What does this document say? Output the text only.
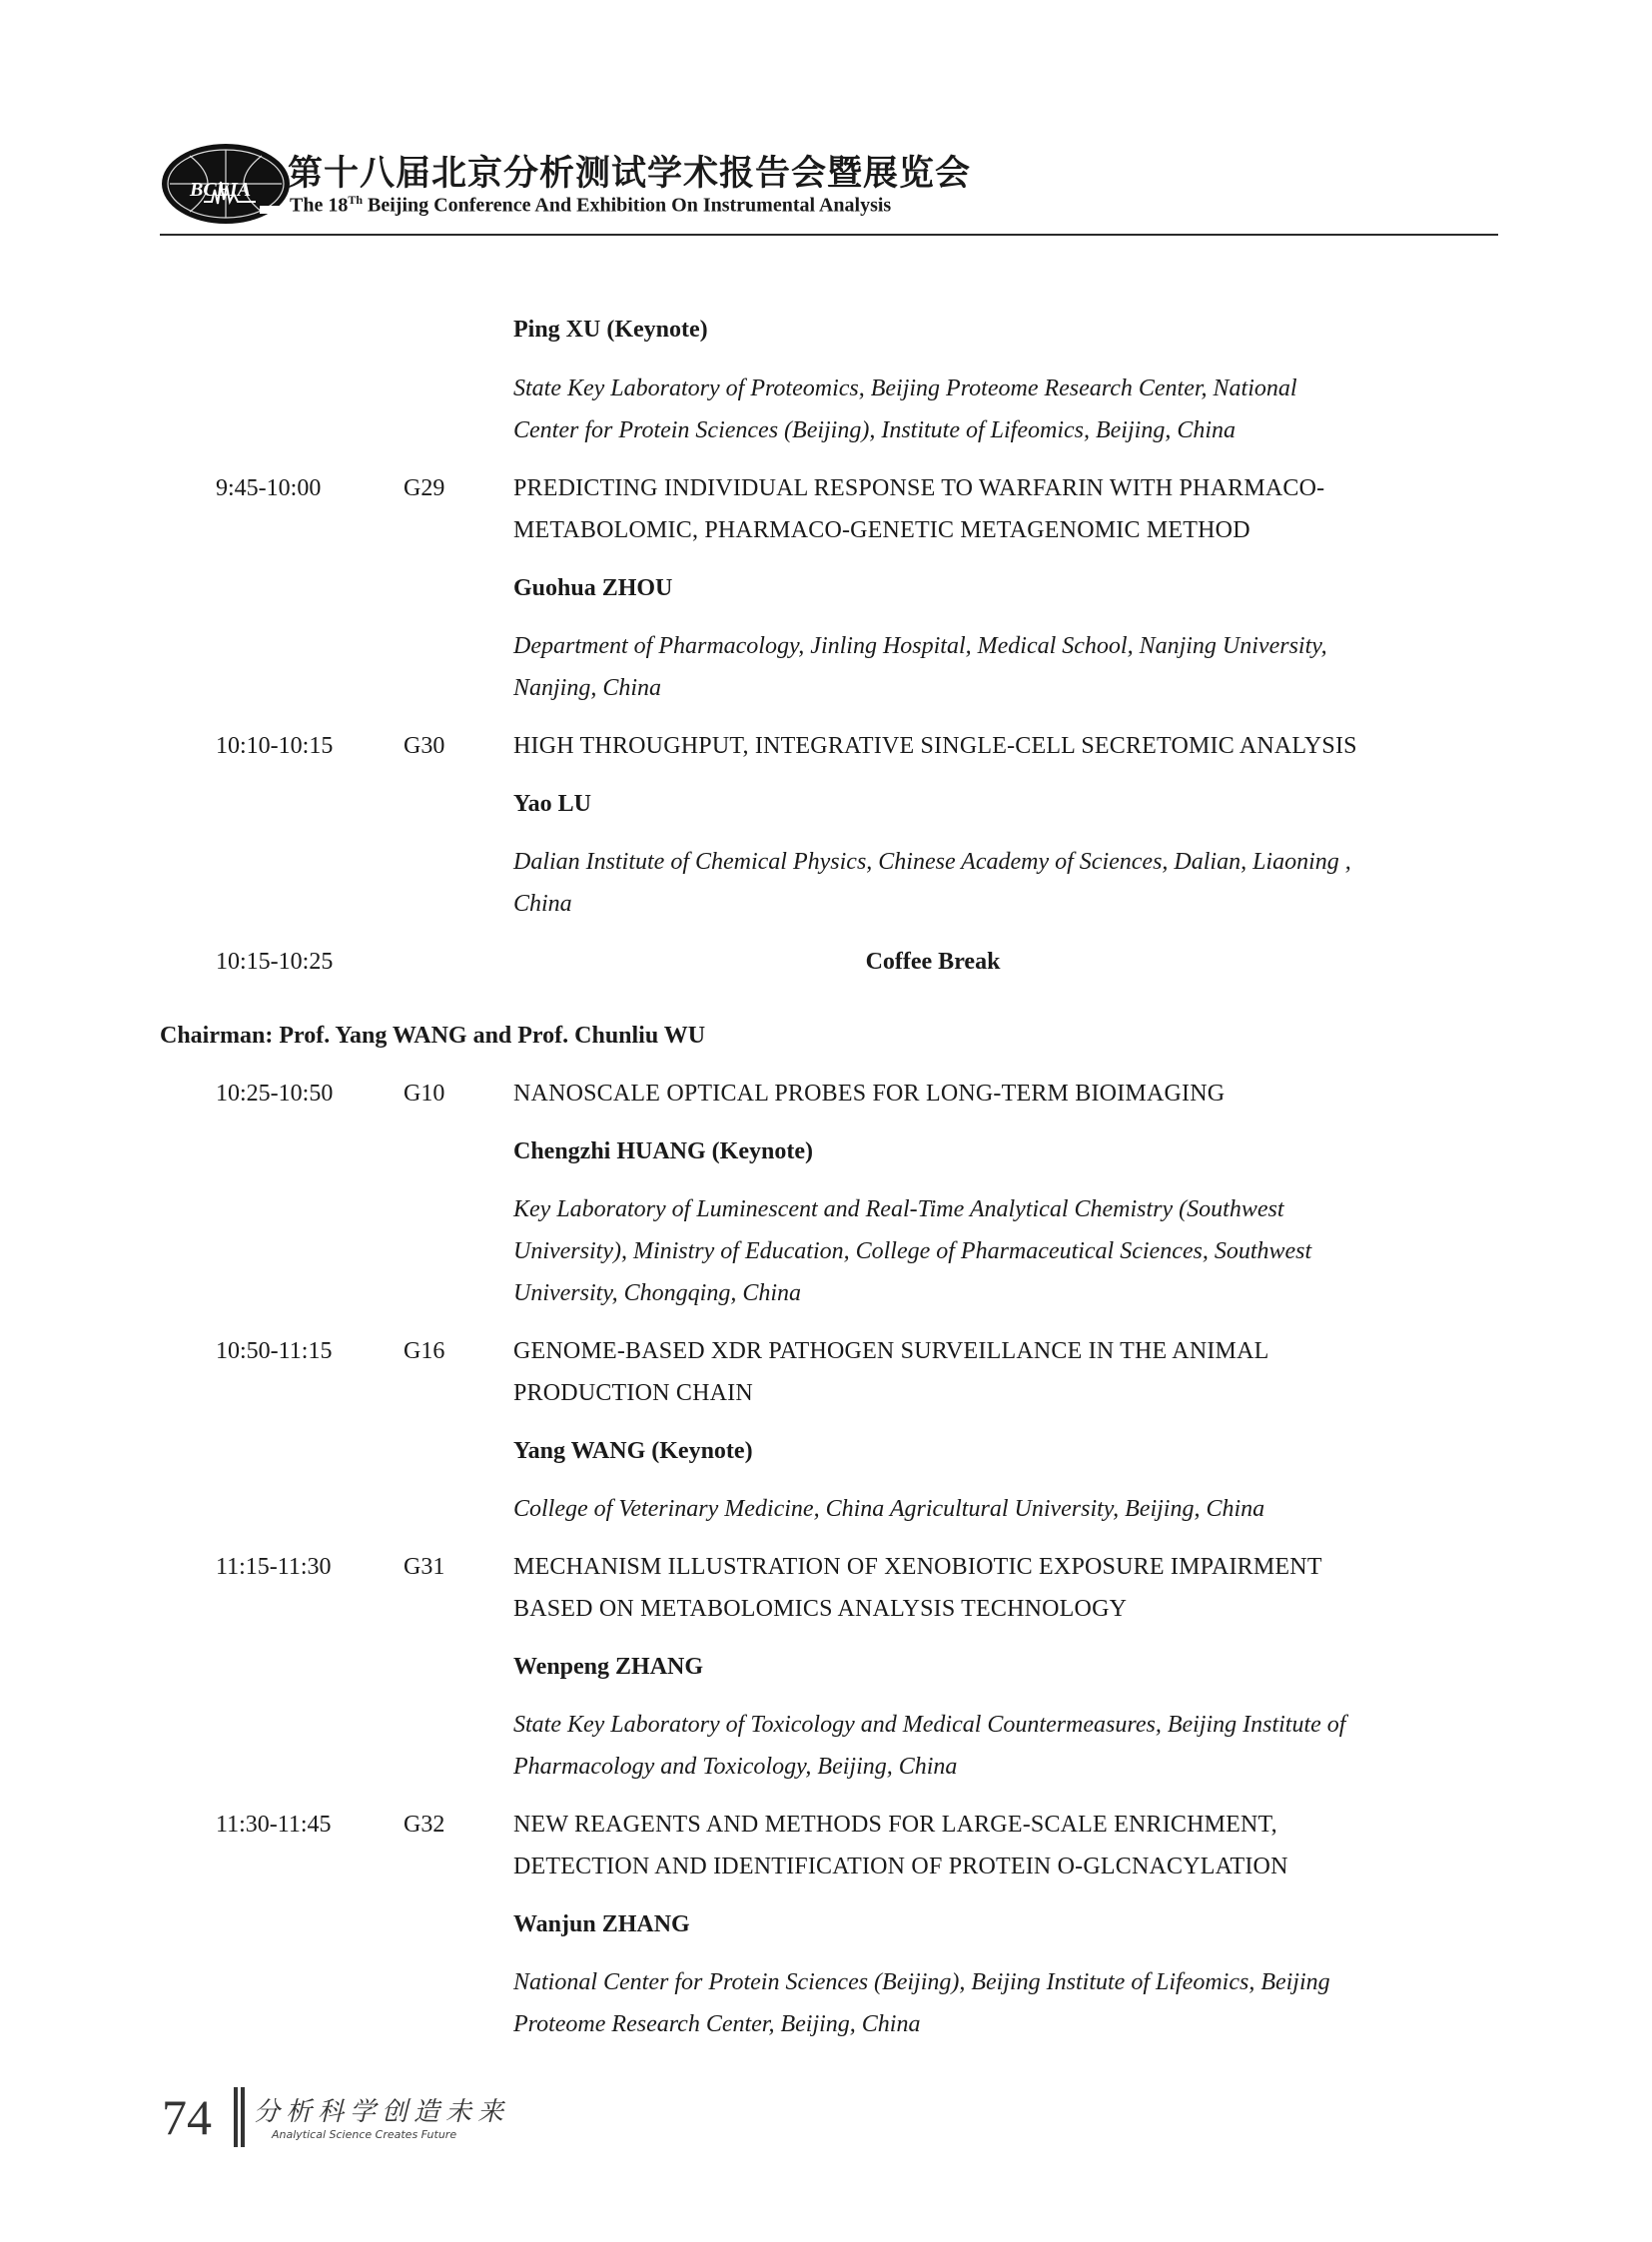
BCEIA 第十八届北京分析测试学术报告会暨展览会
The 18Th Beijing Conference And Exhibition On Instrumental Analysis
Ping XU (Keynote)
State Key Laboratory of Proteomics, Beijing Proteome Research Center, National
Center for Protein Sciences (Beijing), Institute of Lifeomics, Beijing, China
9:45-10:00	G29	PREDICTING INDIVIDUAL RESPONSE TO WARFARIN WITH PHARMACO-
METABOLOMIC, PHARMACO-GENETIC METAGENOMIC METHOD
Guohua ZHOU
Department of Pharmacology, Jinling Hospital, Medical School, Nanjing University,
Nanjing, China
10:10-10:15	G30	HIGH THROUGHPUT, INTEGRATIVE SINGLE-CELL SECRETOMIC ANALYSIS
Yao LU
Dalian Institute of Chemical Physics, Chinese Academy of Sciences, Dalian, Liaoning ,
China
10:15-10:25	Coffee Break
Chairman: Prof. Yang WANG and Prof. Chunliu WU
10:25-10:50	G10	NANOSCALE OPTICAL PROBES FOR LONG-TERM BIOIMAGING
Chengzhi HUANG (Keynote)
Key Laboratory of Luminescent and Real-Time Analytical Chemistry (Southwest
University), Ministry of Education, College of Pharmaceutical Sciences, Southwest
University, Chongqing, China
10:50-11:15	G16	GENOME-BASED XDR PATHOGEN SURVEILLANCE IN THE ANIMAL
PRODUCTION CHAIN
Yang WANG (Keynote)
College of Veterinary Medicine, China Agricultural University, Beijing, China
11:15-11:30	G31	MECHANISM ILLUSTRATION OF XENOBIOTIC EXPOSURE IMPAIRMENT
BASED ON METABOLOMICS ANALYSIS TECHNOLOGY
Wenpeng ZHANG
State Key Laboratory of Toxicology and Medical Countermeasures, Beijing Institute of
Pharmacology and Toxicology, Beijing, China
11:30-11:45	G32	NEW REAGENTS AND METHODS FOR LARGE-SCALE ENRICHMENT,
DETECTION AND IDENTIFICATION OF PROTEIN O-GLCNACYLATION
Wanjun ZHANG
National Center for Protein Sciences (Beijing), Beijing Institute of Lifeomics, Beijing
Proteome Research Center, Beijing, China
74 分析科学创造未来
Analytical Science Creates Future
